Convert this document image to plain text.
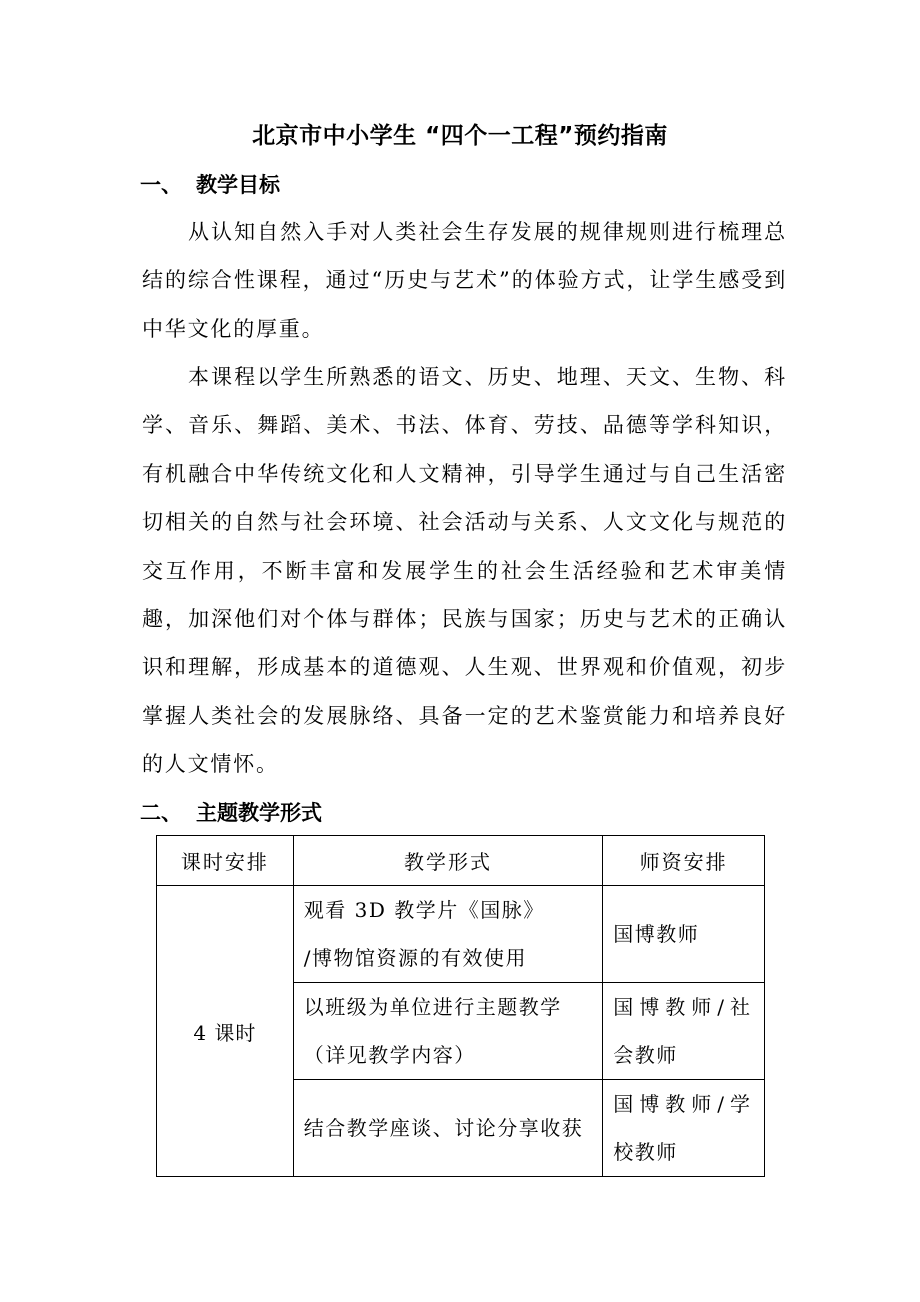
北京市中小学生 “四个一工程”预约指南
一、 教学目标

从认知自然入手对人类社会生存发展的规律规则进行梳理总结的综合性课程，通过“历史与艺术”的体验方式，让学生感受到中华文化的厚重。

本课程以学生所熟悉的语文、历史、地理、天文、生物、科学、音乐、舞蹈、美术、书法、体育、劳技、品德等学科知识，有机融合中华传统文化和人文精神，引导学生通过与自己生活密切相关的自然与社会环境、社会活动与关系、人文文化与规范的交互作用，不断丰富和发展学生的社会生活经验和艺术审美情趣，加深他们对个体与群体；民族与国家；历史与艺术的正确认识和理解，形成基本的道德观、人生观、世界观和价值观，初步掌握人类社会的发展脉络、具备一定的艺术鉴赏能力和培养良好的人文情怀。

二、 主题教学形式
课时安排	教学形式	师资安排
4 课时	观看 3D 教学片《国脉》
/博物馆资源的有效使用	国博教师

	以班级为单位进行主题教学
（详见教学内容）	国博教师/社
会教师

	结合教学座谈、讨论分享收获	国博教师/学
校教师
